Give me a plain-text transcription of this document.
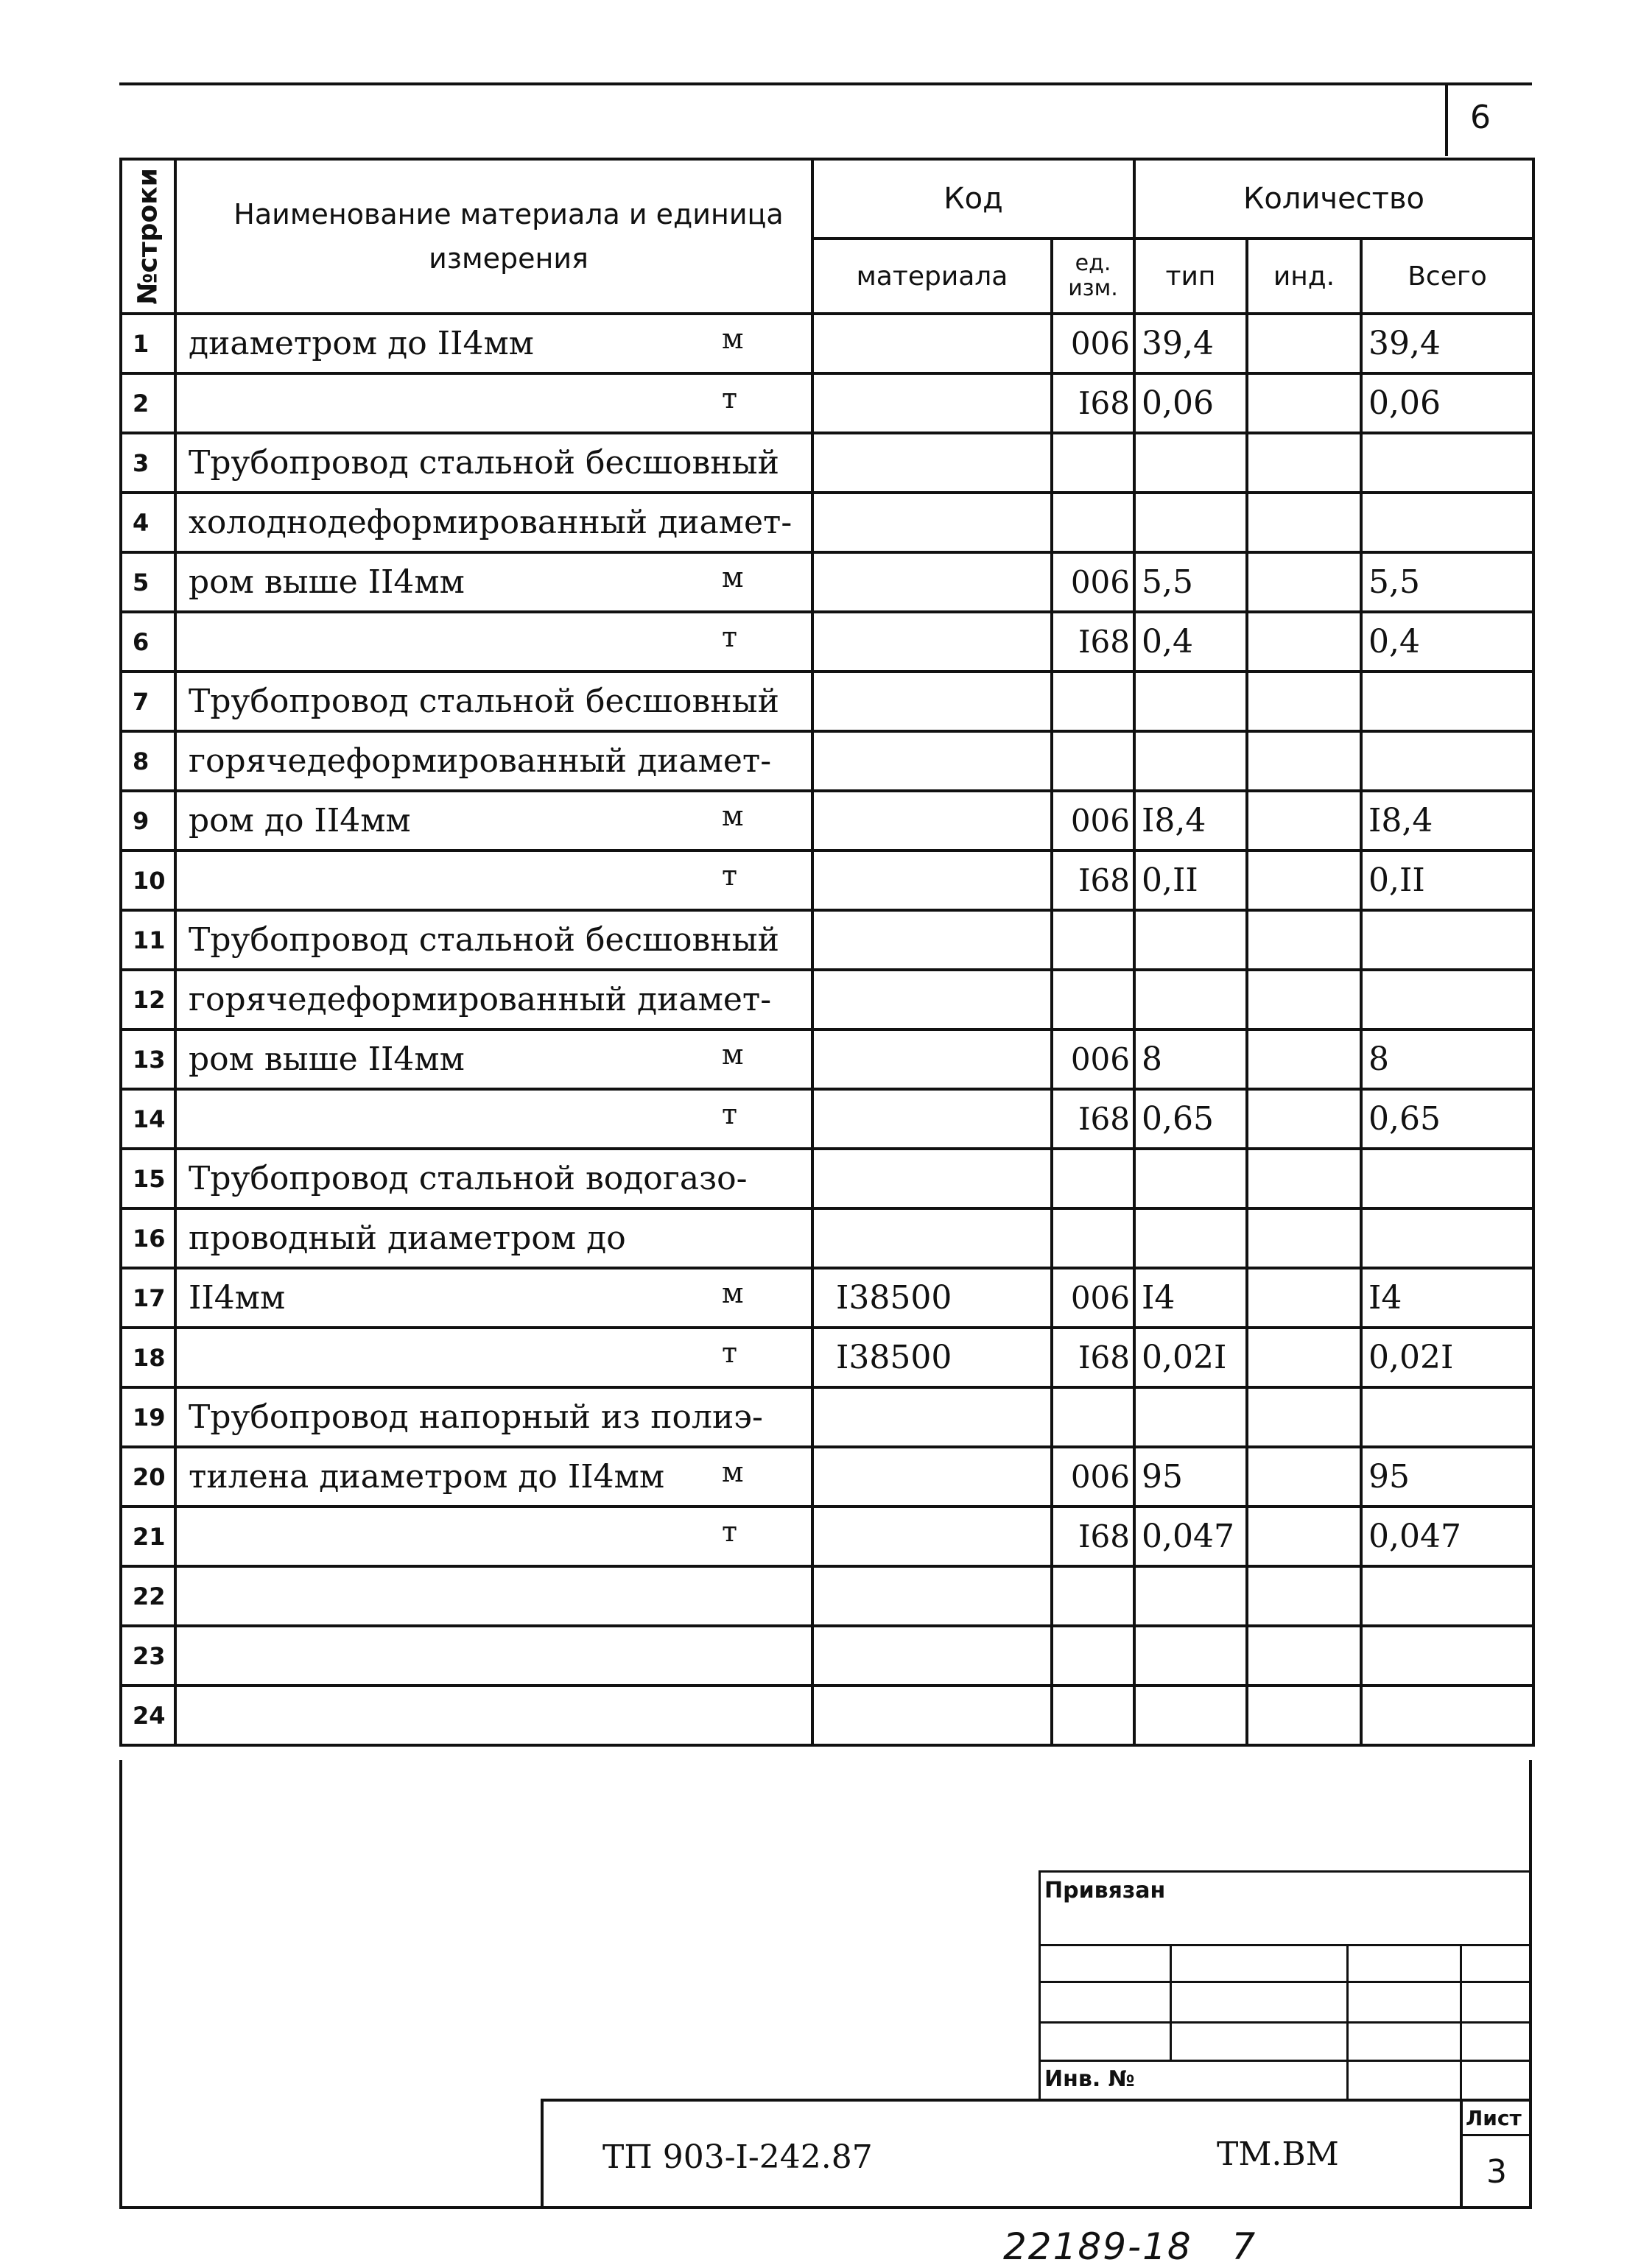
6
№строки	Наименование материала и единица измерения	Код		Количество		
		материала	ед. изм.	тип	инд.	Всего
1	диаметром до II4мм м		006	39,4		39,4
2	т		I68	0,06		0,06
3	Трубопровод стальной бесшовный

4	холоднодеформированный диамет-

5	ром выше II4мм м		006	5,5		5,5
6	т		I68	0,4		0,4
7	Трубопровод стальной бесшовный

8	горячедеформированный диамет-

9	ром до II4мм м		006	I8,4		I8,4
10	т		I68	0,II		0,II
11	Трубопровод стальной бесшовный

12	горячедеформированный диамет-

13	ром выше II4мм м		006	8		8
14	т		I68	0,65		0,65
15	Трубопровод стальной водогазо-

16	проводный диаметром до

17	II4мм м	I38500	006	I4		I4
18	т	I38500	I68	0,02I		0,02I
19	Трубопровод напорный из полиэ-

20	тилена диаметром до II4мм м		006	95		95
21	т		I68	0,047		0,047
22	

23	

24	

Привязан
Инв. №
Лист
3
ТП 903-I-242.87	ТМ.ВМ
22189-18   7
